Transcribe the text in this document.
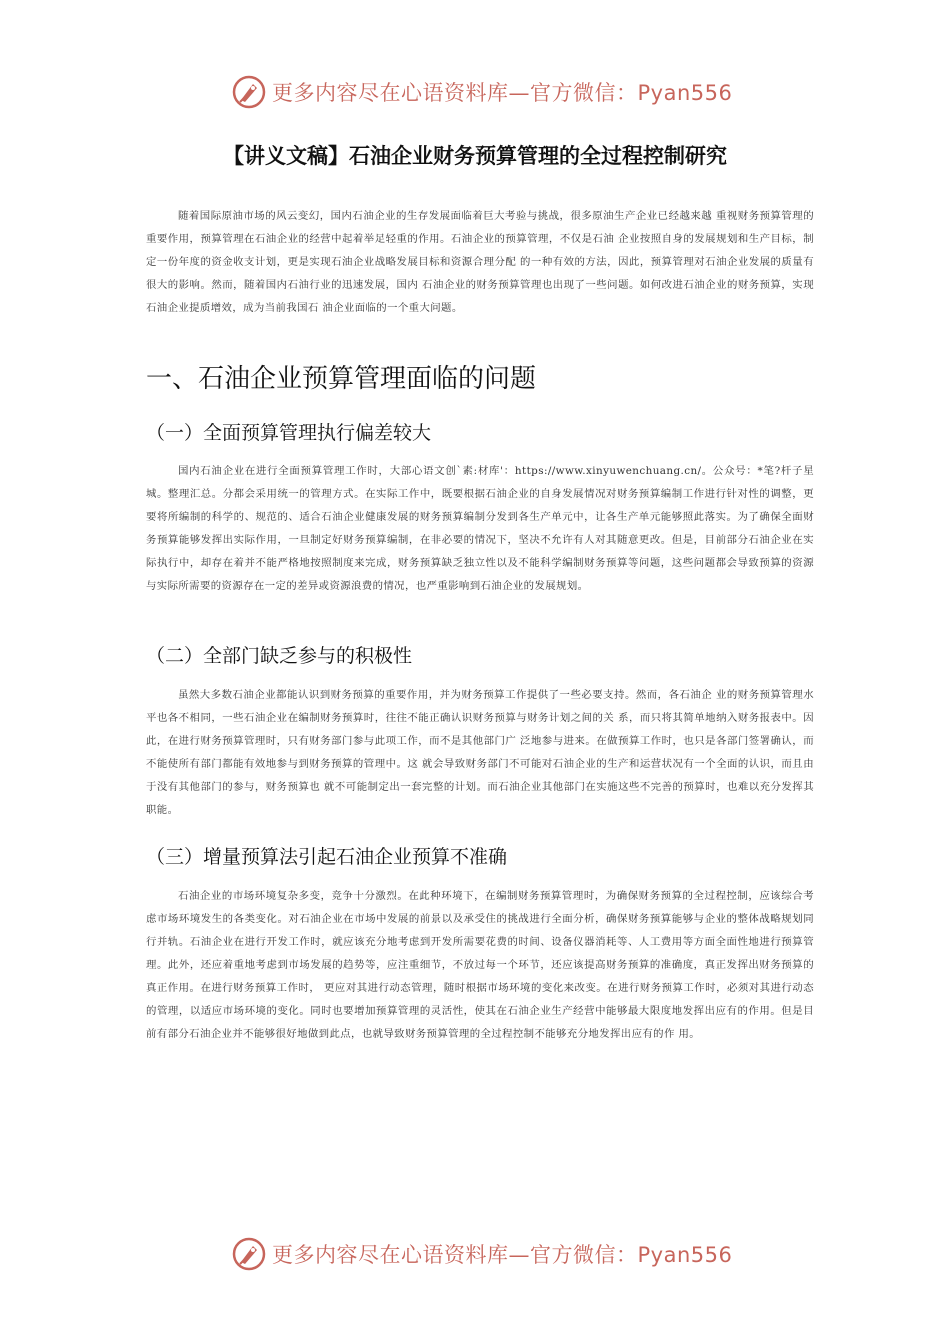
更多内容尽在心语资料库—官方微信：Pyan556
【讲义文稿】石油企业财务预算管理的全过程控制研究
随着国际原油市场的风云变幻，国内石油企业的生存发展面临着巨大考验与挑战，很多原油生产企业已经越来越 重视财务预算管理的重要作用，预算管理在石油企业的经营中起着举足轻重的作用。石油企业的预算管理，不仅是石油 企业按照自身的发展规划和生产目标，制定一份年度的资金收支计划，更是实现石油企业战略发展目标和资源合理分配 的一种有效的方法，因此，预算管理对石油企业发展的质量有很大的影响。然而，随着国内石油行业的迅速发展，国内 石油企业的财务预算管理也出现了一些问题。如何改进石油企业的财务预算，实现石油企业提质增效，成为当前我国石 油企业面临的一个重大问题。
一、石油企业预算管理面临的问题
（一）全面预算管理执行偏差较大
国内石油企业在进行全面预算管理工作时，大部心语文创`素:材库'：https://www.xinyuwenchuang.cn/。公众号：*笔?杆子星城。整理汇总。分都会采用统一的管理方式。在实际工作中，既要根据石油企业的自身发展情况对财务预算编制工作进行针对性的调整，更要将所编制的科学的、规范的、适合石油企业健康发展的财务预算编制分发到各生产单元中，让各生产单元能够照此落实。为了确保全面财务预算能够发挥出实际作用，一旦制定好财务预算编制，在非必要的情况下，坚决不允许有人对其随意更改。但是，目前部分石油企业在实际执行中，却存在着并不能严格地按照制度来完成，财务预算缺乏独立性以及不能科学编制财务预算等问题，这些问题都会导致预算的资源与实际所需要的资源存在一定的差异或资源浪费的情况，也严重影响到石油企业的发展规划。
（二）全部门缺乏参与的积极性
虽然大多数石油企业都能认识到财务预算的重要作用，并为财务预算工作提供了一些必要支持。然而，各石油企 业的财务预算管理水平也各不相同，一些石油企业在编制财务预算时，往往不能正确认识财务预算与财务计划之间的关 系，而只将其简单地纳入财务报表中。因此，在进行财务预算管理时，只有财务部门参与此项工作，而不是其他部门广 泛地参与进来。在做预算工作时，也只是各部门签署确认，而不能使所有部门都能有效地参与到财务预算的管理中。这 就会导致财务部门不可能对石油企业的生产和运营状况有一个全面的认识，而且由于没有其他部门的参与，财务预算也 就不可能制定出一套完整的计划。而石油企业其他部门在实施这些不完善的预算时，也难以充分发挥其职能。
（三）增量预算法引起石油企业预算不准确
石油企业的市场环境复杂多变，竞争十分激烈。在此种环境下，在编制财务预算管理时，为确保财务预算的全过程控制，应该综合考虑市场环境发生的各类变化。对石油企业在市场中发展的前景以及承受住的挑战进行全面分析，确保财务预算能够与企业的整体战略规划同行并轨。石油企业在进行开发工作时，就应该充分地考虑到开发所需要花费的时间、设备仪器消耗等、人工费用等方面全面性地进行预算管理。此外，还应着重地考虑到市场发展的趋势等，应注重细节，不放过每一个环节，还应该提高财务预算的准确度，真正发挥出财务预算的真正作用。在进行财务预算工作时， 更应对其进行动态管理，随时根据市场环境的变化来改变。在进行财务预算工作时，必须对其进行动态的管理，以适应市场环境的变化。同时也要增加预算管理的灵活性，使其在石油企业生产经营中能够最大限度地发挥出应有的作用。但是目前有部分石油企业并不能够很好地做到此点，也就导致财务预算管理的全过程控制不能够充分地发挥出应有的作 用。
更多内容尽在心语资料库—官方微信：Pyan556
